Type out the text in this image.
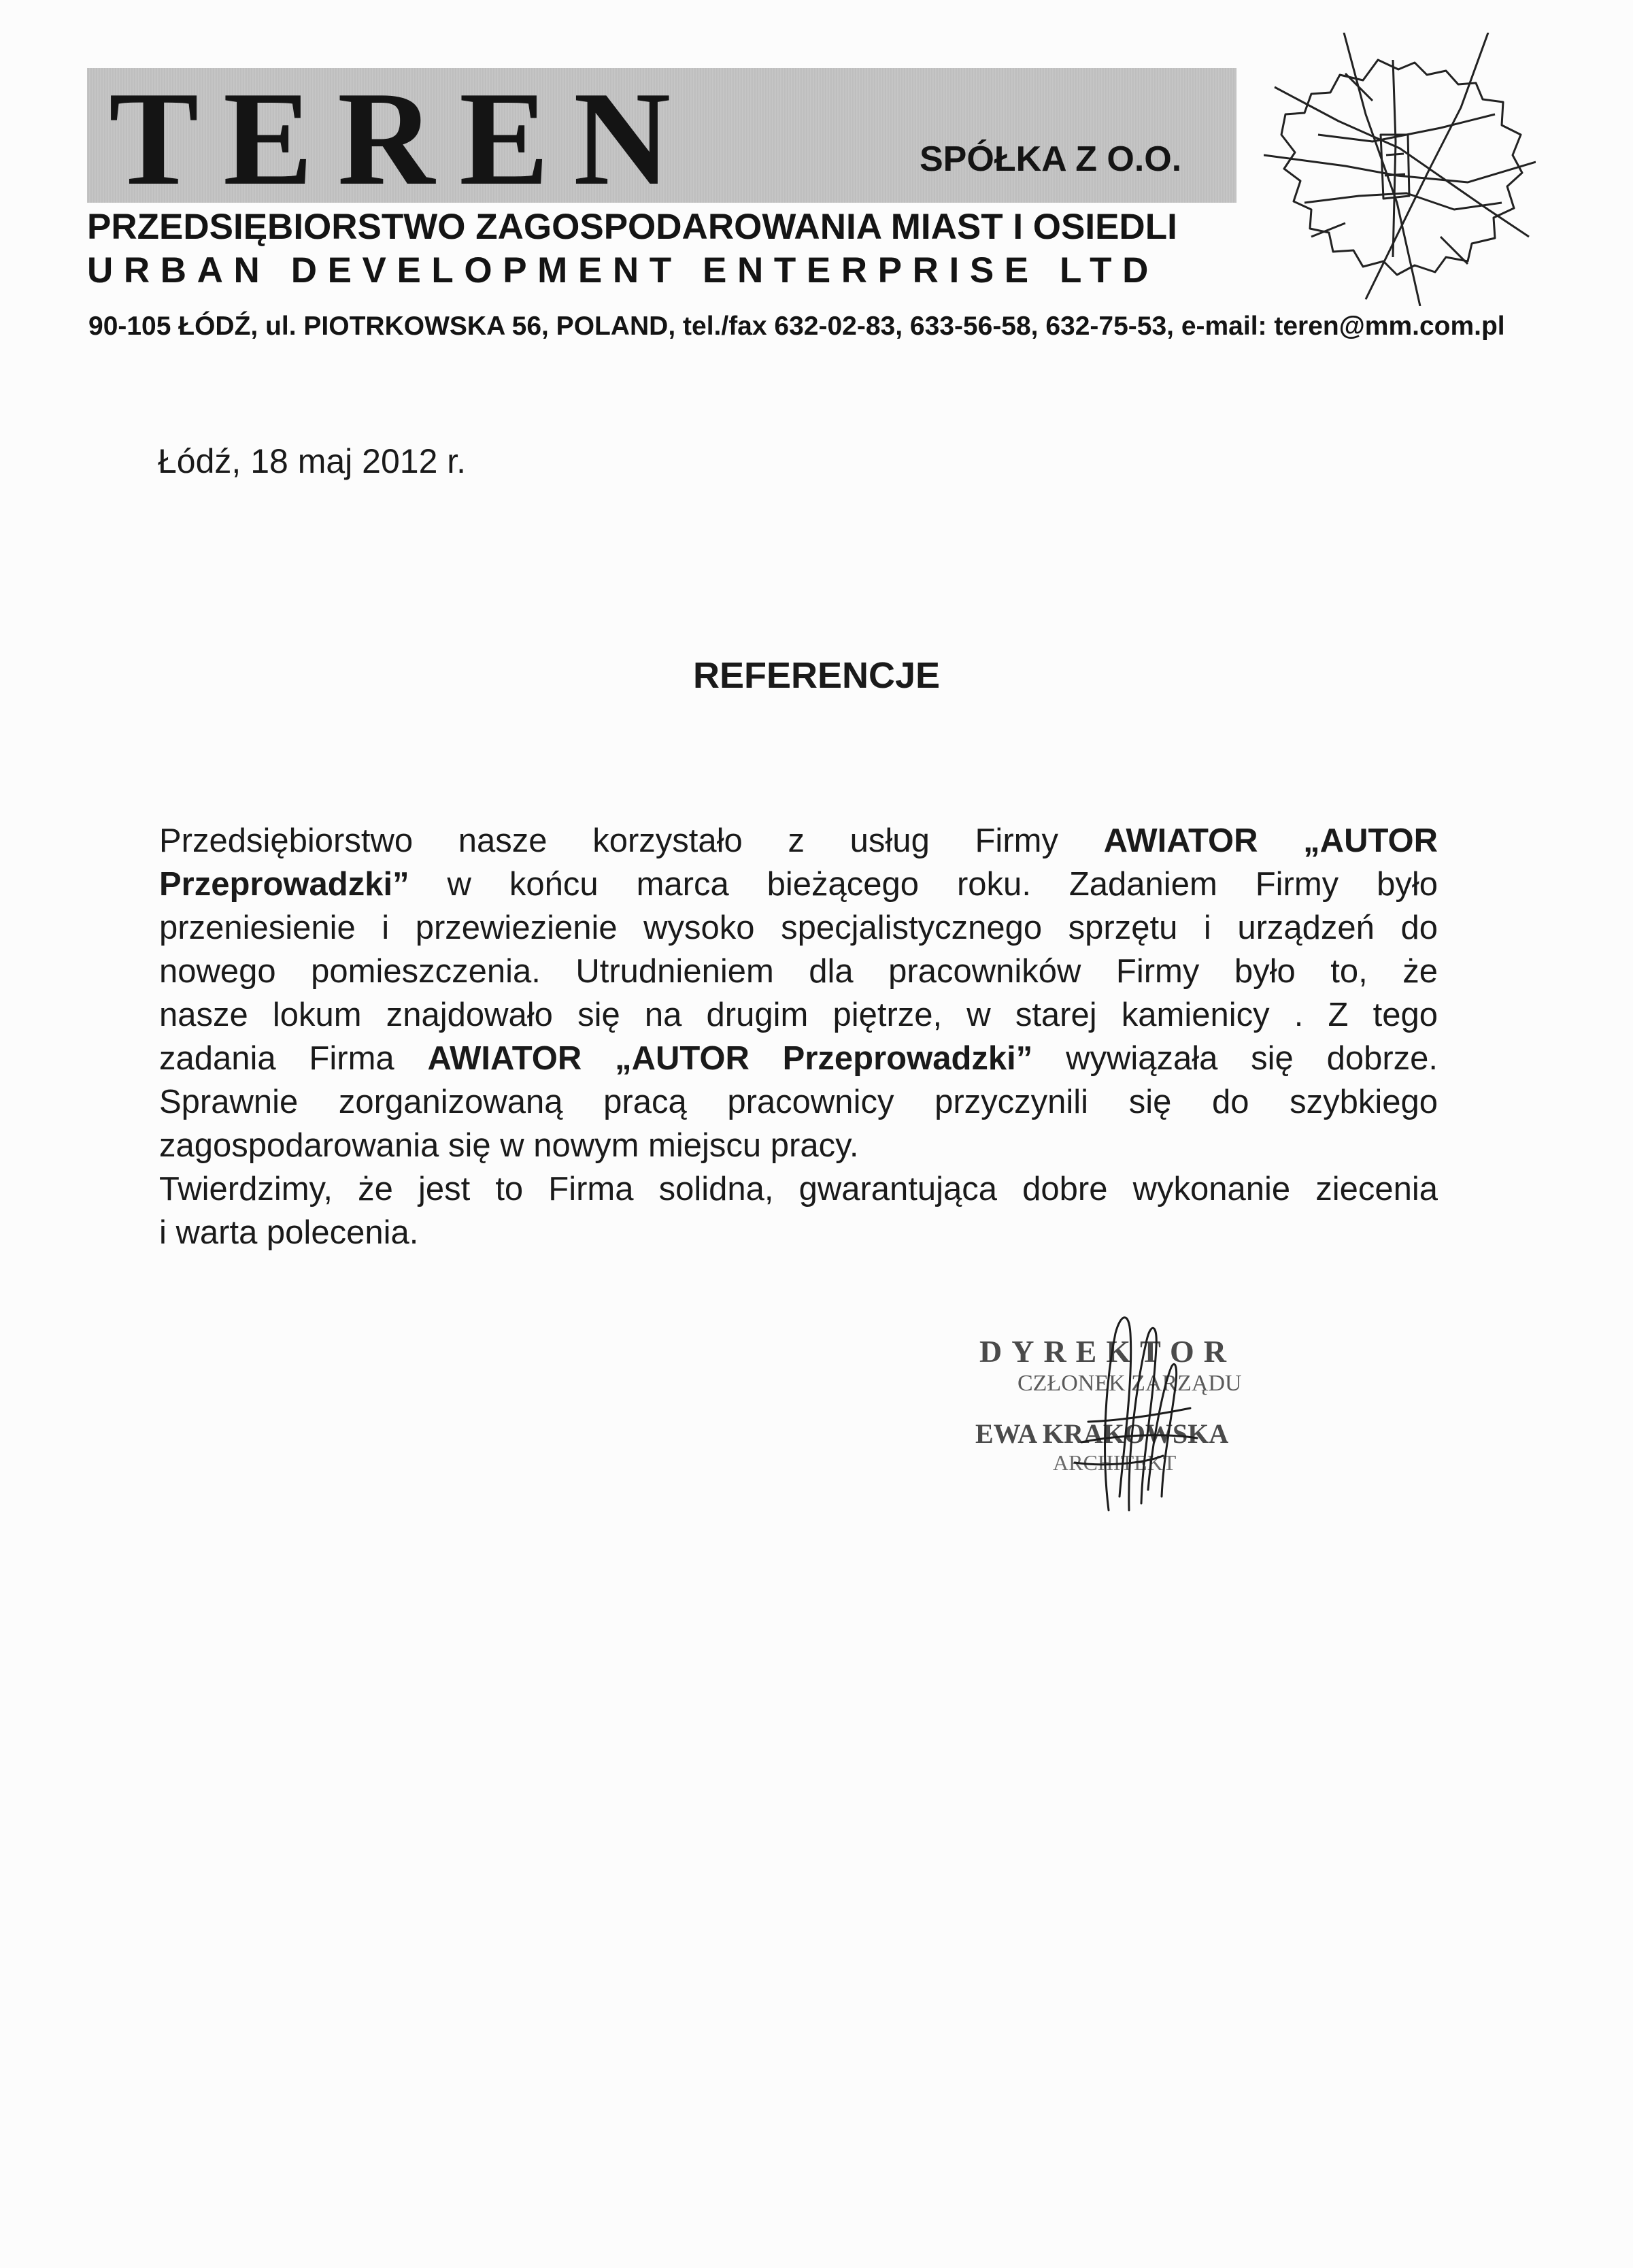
TEREN	SPÓŁKA Z O.O.

PRZEDSIĘBIORSTWO ZAGOSPODAROWANIA MIAST I OSIEDLI

URBAN DEVELOPMENT ENTERPRISE LTD

90-105 ŁÓDŹ, ul. PIOTRKOWSKA 56, POLAND, tel./fax 632-02-83, 633-56-58, 632-75-53, e-mail: teren@mm.com.pl

Łódź, 18 maj 2012 r.

REFERENCJE
Przedsiębiorstwo nasze korzystało z usług Firmy AWIATOR „AUTOR
Przeprowadzki” w końcu marca bieżącego roku. Zadaniem Firmy było
przeniesienie i przewiezienie wysoko specjalistycznego sprzętu i urządzeń do
nowego pomieszczenia. Utrudnieniem dla pracowników Firmy było to, że
nasze lokum znajdowało się na drugim piętrze, w starej kamienicy . Z tego
zadania Firma AWIATOR „AUTOR Przeprowadzki” wywiązała się dobrze.
Sprawnie zorganizowaną pracą pracownicy przyczynili się do szybkiego
zagospodarowania się w nowym miejscu pracy.
Twierdzimy, że jest to Firma solidna, gwarantująca dobre wykonanie ziecenia
i warta polecenia.
DYREKTOR
CZŁONEK ZARZĄDU
EWA KRAKOWSKA
ARCHITEKT
